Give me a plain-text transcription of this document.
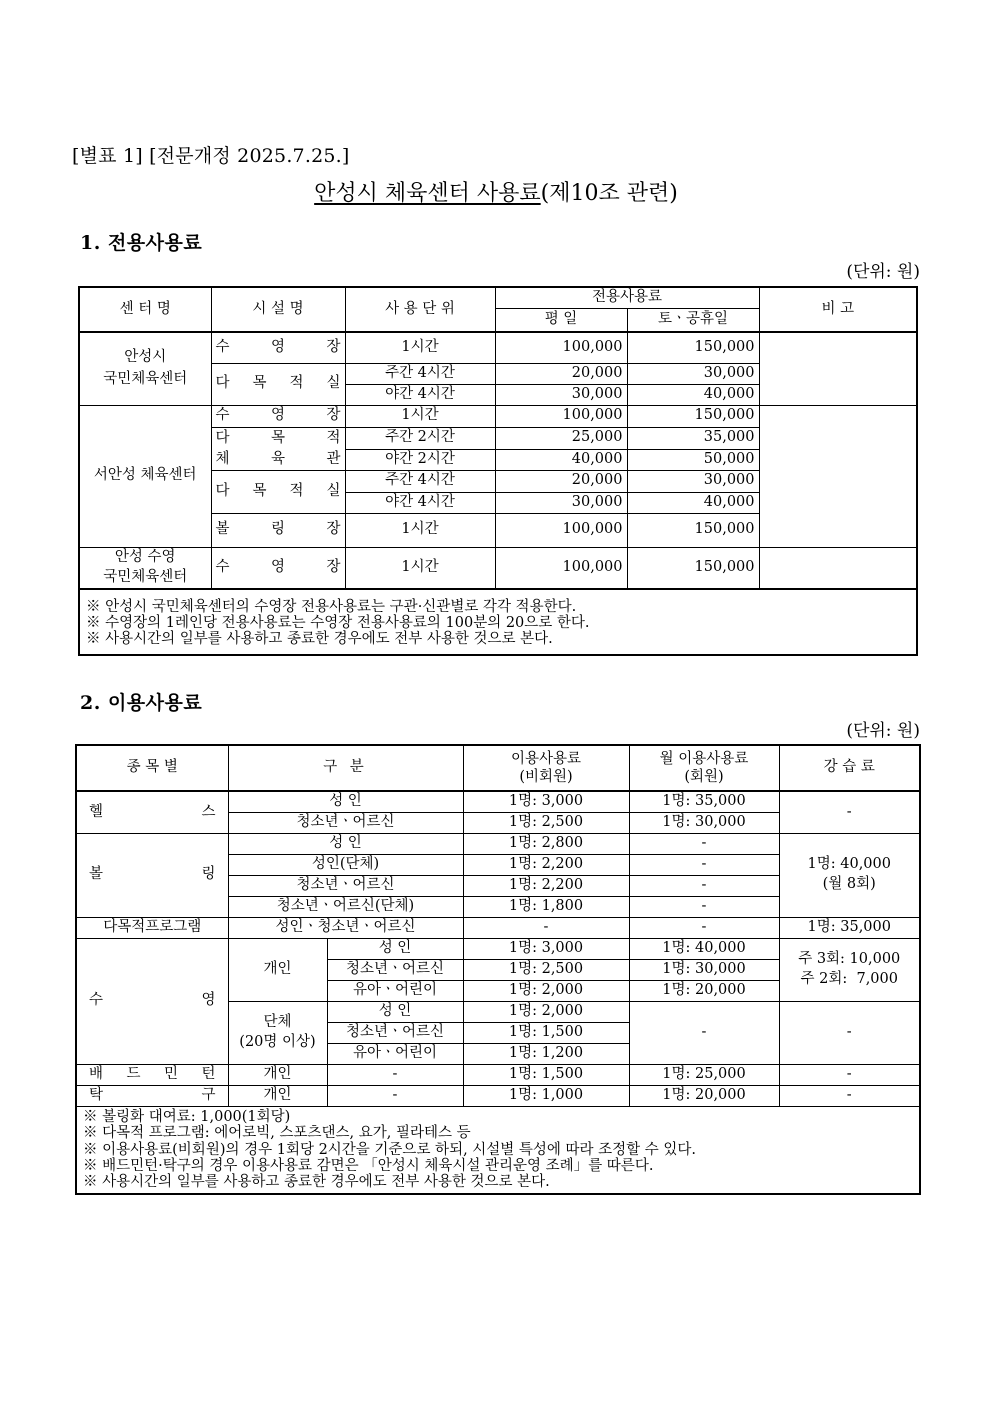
[별표 1] [전문개정 2025.7.25.]
안성시 체육센터 사용료(제10조 관련)
1. 전용사용료
(단위: 원)
센 터 명	시 설 명	사 용 단 위	전용사용료		비 고
			평 일	토ㆍ공휴일	
안성시
국민체육센터	수 영 장	1시간	100,000	150,000	
	다 목 적 실	주간 4시간	20,000	30,000	
		야간 4시간	30,000	40,000	
서안성 체육센터	수 영 장	1시간	100,000	150,000	
	다 목 적	주간 2시간	25,000	35,000	
	체 육 관	야간 2시간	40,000	50,000	
	다 목 적 실	주간 4시간	20,000	30,000	
		야간 4시간	30,000	40,000	
	볼 링 장	1시간	100,000	150,000	
안성 수영
국민체육센터	수 영 장	1시간	100,000	150,000	

※ 안성시 국민체육센터의 수영장 전용사용료는 구관·신관별로 각각 적용한다.
※ 수영장의 1레인당 전용사용료는 수영장 전용사용료의 100분의 20으로 한다.
※ 사용시간의 일부를 사용하고 종료한 경우에도 전부 사용한 것으로 본다.					
2. 이용사용료
(단위: 원)
종 목 별	구 분		이용사용료
(비회원)	월 이용사용료
(회원)	강 습 료
헬 스	성 인		1명: 3,000	1명: 35,000	-
	청소년ㆍ어르신		1명: 2,500	1명: 30,000	
볼 링	성 인		1명: 2,800	-	1명: 40,000
(월 8회)
	성인(단체)		1명: 2,200	-	
	청소년ㆍ어르신		1명: 2,200	-	
	청소년ㆍ어르신(단체)		1명: 1,800	-	
다목적프로그램	성인ㆍ청소년ㆍ어르신		-	-	1명: 35,000
수 영	개인	성 인	1명: 3,000	1명: 40,000	주 3회: 10,000
주 2회:  7,000
		청소년ㆍ어르신	1명: 2,500	1명: 30,000	
		유아ㆍ어린이	1명: 2,000	1명: 20,000	
	단체
(20명 이상)	성 인	1명: 2,000	-	-
		청소년ㆍ어르신	1명: 1,500		
		유아ㆍ어린이	1명: 1,200		
배 드 민 턴	개인	-	1명: 1,500	1명: 25,000	-
탁 구	개인	-	1명: 1,000	1명: 20,000	-

※ 볼링화 대여료: 1,000(1회당)
※ 다목적 프로그램: 에어로빅, 스포츠댄스, 요가, 필라테스 등
※ 이용사용료(비회원)의 경우 1회당 2시간을 기준으로 하되, 시설별 특성에 따라 조정할 수 있다.
※ 배드민턴·탁구의 경우 이용사용료 감면은 「안성시 체육시설 관리운영 조례」를 따른다.
※ 사용시간의 일부를 사용하고 종료한 경우에도 전부 사용한 것으로 본다.					
